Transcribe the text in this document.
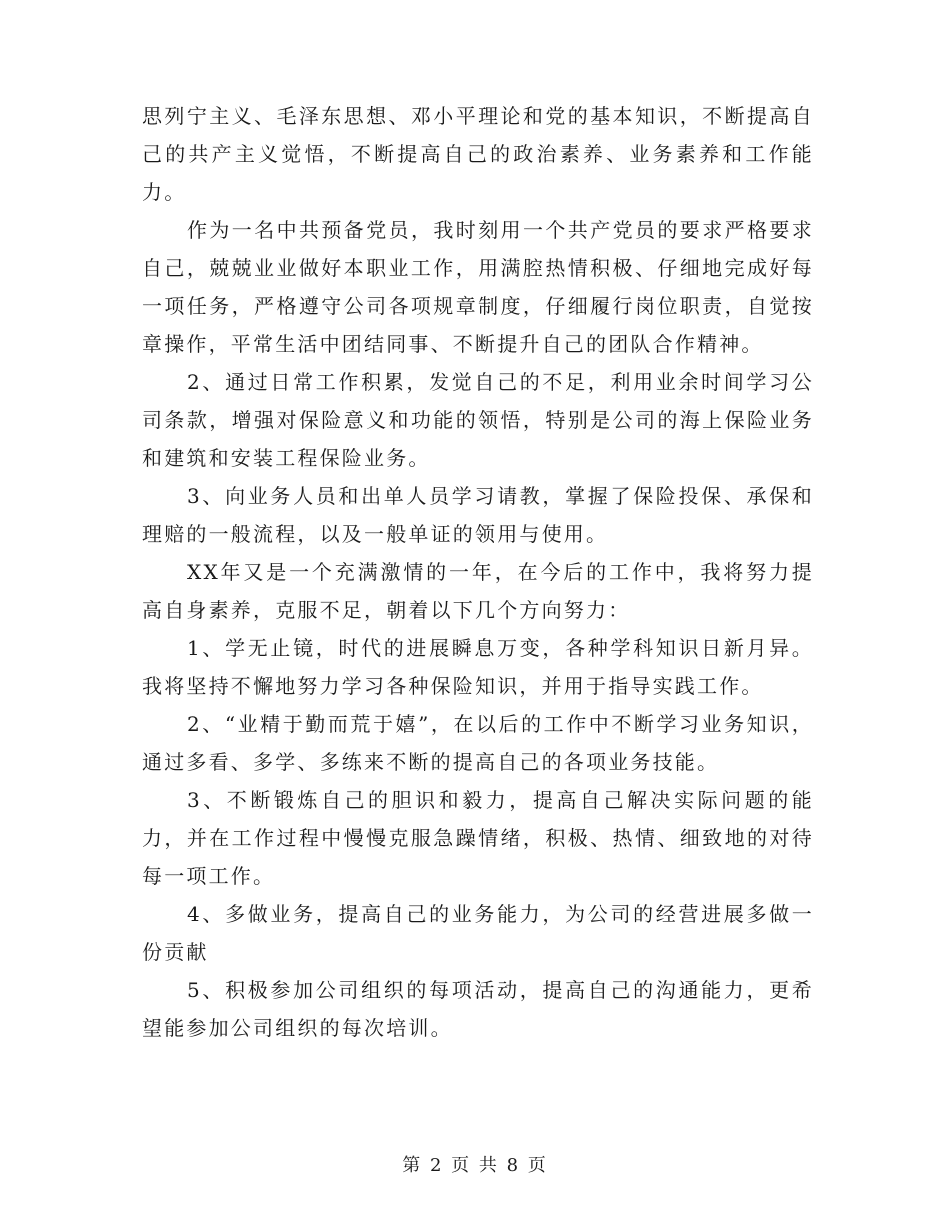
思列宁主义、毛泽东思想、邓小平理论和党的基本知识，不断提高自己的共产主义觉悟，不断提高自己的政治素养、业务素养和工作能力。

作为一名中共预备党员，我时刻用一个共产党员的要求严格要求自己，兢兢业业做好本职业工作，用满腔热情积极、仔细地完成好每一项任务，严格遵守公司各项规章制度，仔细履行岗位职责，自觉按章操作，平常生活中团结同事、不断提升自己的团队合作精神。

2、通过日常工作积累，发觉自己的不足，利用业余时间学习公司条款，增强对保险意义和功能的领悟，特别是公司的海上保险业务和建筑和安装工程保险业务。

3、向业务人员和出单人员学习请教，掌握了保险投保、承保和理赔的一般流程，以及一般单证的领用与使用。

XX年又是一个充满激情的一年，在今后的工作中，我将努力提高自身素养，克服不足，朝着以下几个方向努力：

1、学无止镜，时代的进展瞬息万变，各种学科知识日新月异。我将坚持不懈地努力学习各种保险知识，并用于指导实践工作。

2、“业精于勤而荒于嬉”，在以后的工作中不断学习业务知识，通过多看、多学、多练来不断的提高自己的各项业务技能。

3、不断锻炼自己的胆识和毅力，提高自己解决实际问题的能力，并在工作过程中慢慢克服急躁情绪，积极、热情、细致地的对待每一项工作。

4、多做业务，提高自己的业务能力，为公司的经营进展多做一份贡献

5、积极参加公司组织的每项活动，提高自己的沟通能力，更希望能参加公司组织的每次培训。

第 2 页 共 8 页
